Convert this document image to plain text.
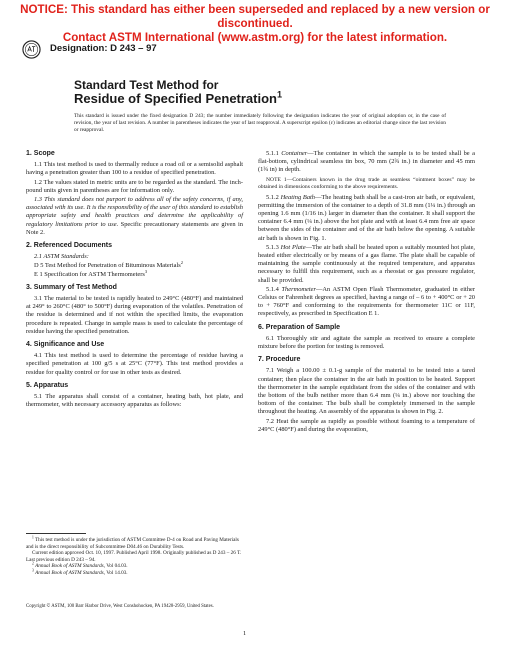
NOTICE: This standard has either been superseded and replaced by a new version or discontinued.
Contact ASTM International (www.astm.org) for the latest information.
Designation: D 243 – 97
Standard Test Method for
Residue of Specified Penetration$^1$
This standard is issued under the fixed designation D 243; the number immediately following the designation indicates the year of original adoption or, in the case of revision, the year of last revision. A number in parentheses indicates the year of last reapproval. A superscript epsilon (ε) indicates an editorial change since the last revision or reapproval.
1. Scope
1.1 This test method is used to thermally reduce a road oil or a semisolid asphalt having a penetration greater than 100 to a residue of specified penetration.
1.2 The values stated in metric units are to be regarded as the standard. The inch-pound units given in parentheses are for information only.
1.3 This standard does not purport to address all of the safety concerns, if any, associated with its use. It is the responsibility of the user of this standard to establish appropriate safety and health practices and determine the applicability of regulatory limitations prior to use. Specific precautionary statements are given in Note 2.
2. Referenced Documents
2.1 ASTM Standards:
D 5 Test Method for Penetration of Bituminous Materials$^2$
E 1 Specification for ASTM Thermometers$^3$
3. Summary of Test Method
3.1 The material to be tested is rapidly heated to 249°C (480°F) and maintained at 249° to 260°C (480° to 500°F) during evaporation of the volatiles. Penetration of the residue is determined and if not within the specified limits, the evaporation procedure is repeated. Change in sample mass is used to calculate the percentage of residue having the specified penetration.
4. Significance and Use
4.1 This test method is used to determine the percentage of residue having a specified penetration at 100 g/5 s at 25°C (77°F). This test method provides a residue for quality control or for use in other tests as desired.
5. Apparatus
5.1 The apparatus shall consist of a container, heating bath, hot plate, and thermometer, with necessary accessory apparatus as follows:
5.1.1 Container—The container in which the sample is to be tested shall be a flat-bottom, cylindrical seamless tin box, 70 mm (2¾ in.) in diameter and 45 mm (1¾ in) in depth.
NOTE 1—Containers known in the drug trade as seamless “ointment boxes” may be obtained in dimensions conforming to the above requirements.
5.1.2 Heating Bath—The heating bath shall be a cast-iron air bath, or equivalent, permitting the immersion of the container to a depth of 31.8 mm (1¼ in.) through an opening 1.6 mm (1/16 in.) larger in diameter than the container. It shall support the container 6.4 mm (¼ in.) above the hot plate and with at least 6.4 mm free air space between the sides of the container and of the air bath below the opening. A suitable air bath is shown in Fig. 1.
5.1.3 Hot Plate—The air bath shall be heated upon a suitably mounted hot plate, heated either electrically or by means of a gas flame. The plate shall be capable of maintaining the sample continuously at the required temperature, and apparatus necessary to fulfill this requirement, such as a rheostat or gas pressure regulator, shall be provided.
5.1.4 Thermometer—An ASTM Open Flash Thermometer, graduated in either Celsius or Fahrenheit degrees as specified, having a range of – 6 to + 400°C or + 20 to + 760°F and conforming to the requirements for thermometer 11C or 11F, respectively, as prescribed in Specification E 1.
6. Preparation of Sample
6.1 Thoroughly stir and agitate the sample as received to ensure a complete mixture before the portion for testing is removed.
7. Procedure
7.1 Weigh a 100.00 ± 0.1-g sample of the material to be tested into a tared container; then place the container in the air bath in position to be heated. Support the thermometer in the sample equidistant from the sides of the container and with the bottom of the bulb neither more than 6.4 mm (¼ in.) above nor touching the bottom of the container. The bulb shall be completely immersed in the sample throughout the heating. An assembly of the apparatus is shown in Fig. 2.
7.2 Heat the sample as rapidly as possible without foaming to a temperature of 249°C (480°F) and during the evaporation,
$^1$ This test method is under the jurisdiction of ASTM Committee D-4 on Road and Paving Materials and is the direct responsibility of Subcommittee D04.46 on Durability Tests.
Current edition approved Oct. 10, 1997. Published April 1998. Originally published as D 243 – 26 T. Last previous edition D 243 – 94.
$^2$ Annual Book of ASTM Standards, Vol 04.03.
$^3$ Annual Book of ASTM Standards, Vol 14.03.
Copyright © ASTM, 100 Barr Harbor Drive, West Conshohocken, PA 19428-2959, United States.
1
